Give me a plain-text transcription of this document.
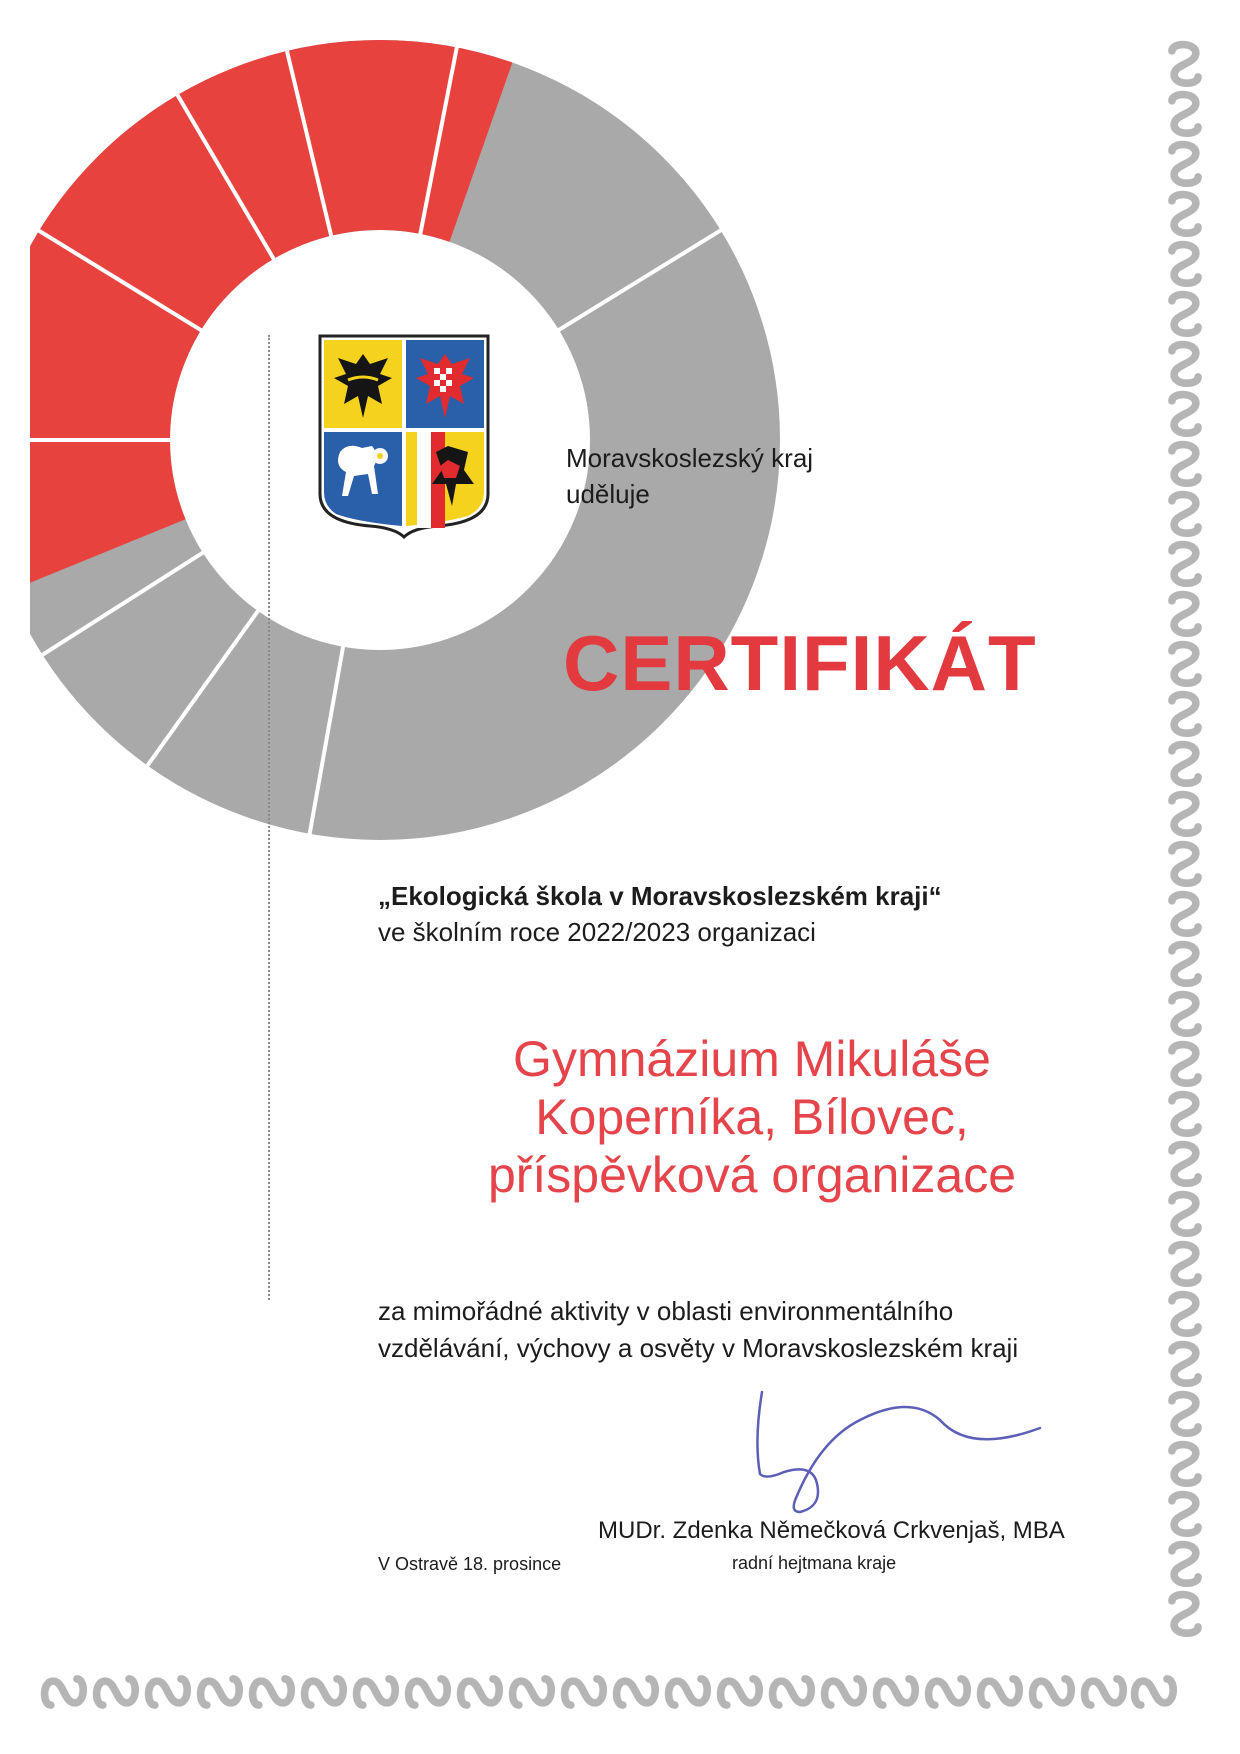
Moravskoslezský kraj
uděluje
CERTIFIKÁT
„Ekologická škola v Moravskoslezském kraji“
ve školním roce 2022/2023 organizaci
Gymnázium Mikuláše
Koperníka, Bílovec,
příspěvková organizace
za mimořádné aktivity v oblasti environmentálního
vzdělávání, výchovy a osvěty v Moravskoslezském kraji
MUDr. Zdenka Němečková Crkvenjaš, MBA
radní hejtmana kraje
V Ostravě 18. prosince
